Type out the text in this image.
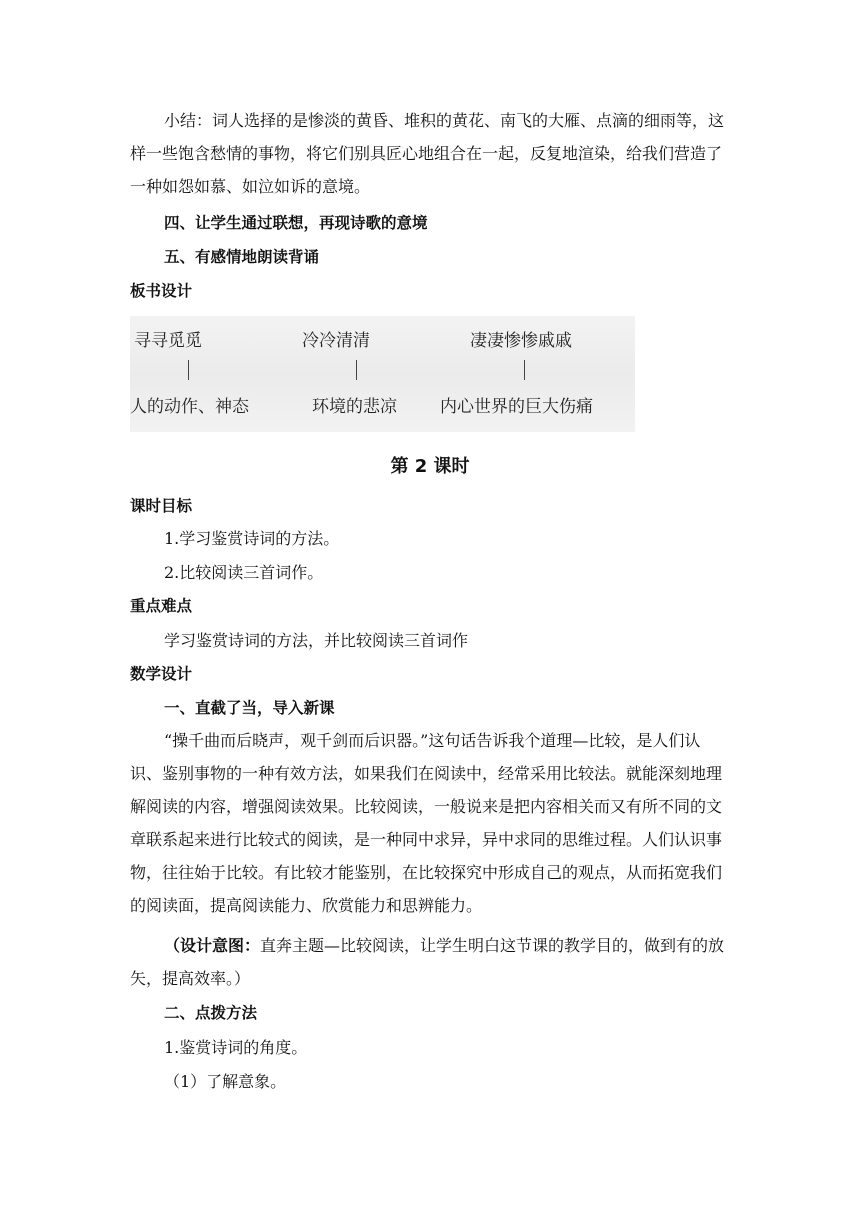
小结：词人选择的是惨淡的黄昏、堆积的黄花、南飞的大雁、点滴的细雨等，这样一些饱含愁情的事物，将它们别具匠心地组合在一起，反复地渲染，给我们营造了一种如怨如慕、如泣如诉的意境。

四、让学生通过联想，再现诗歌的意境

五、有感情地朗读背诵

板书设计

寻寻觅觅	冷冷清清	凄凄惨惨戚戚
人的动作、神态	环境的悲凉	内心世界的巨大伤痛
第 2 课时

课时目标

1.学习鉴赏诗词的方法。

2.比较阅读三首词作。

重点难点

学习鉴赏诗词的方法，并比较阅读三首词作

数学设计

一、直截了当，导入新课

“操千曲而后晓声，观千剑而后识器。”这句话告诉我个道理—比较，是人们认识、鉴别事物的一种有效方法，如果我们在阅读中，经常采用比较法。就能深刻地理解阅读的内容，增强阅读效果。比较阅读，一般说来是把内容相关而又有所不同的文章联系起来进行比较式的阅读，是一种同中求异，异中求同的思维过程。人们认识事物，往往始于比较。有比较才能鉴别，在比较探究中形成自己的观点，从而拓宽我们的阅读面，提高阅读能力、欣赏能力和思辨能力。

（设计意图：直奔主题—比较阅读，让学生明白这节课的教学目的，做到有的放矢，提高效率。）

二、点拨方法

1.鉴赏诗词的角度。

（1）了解意象。
